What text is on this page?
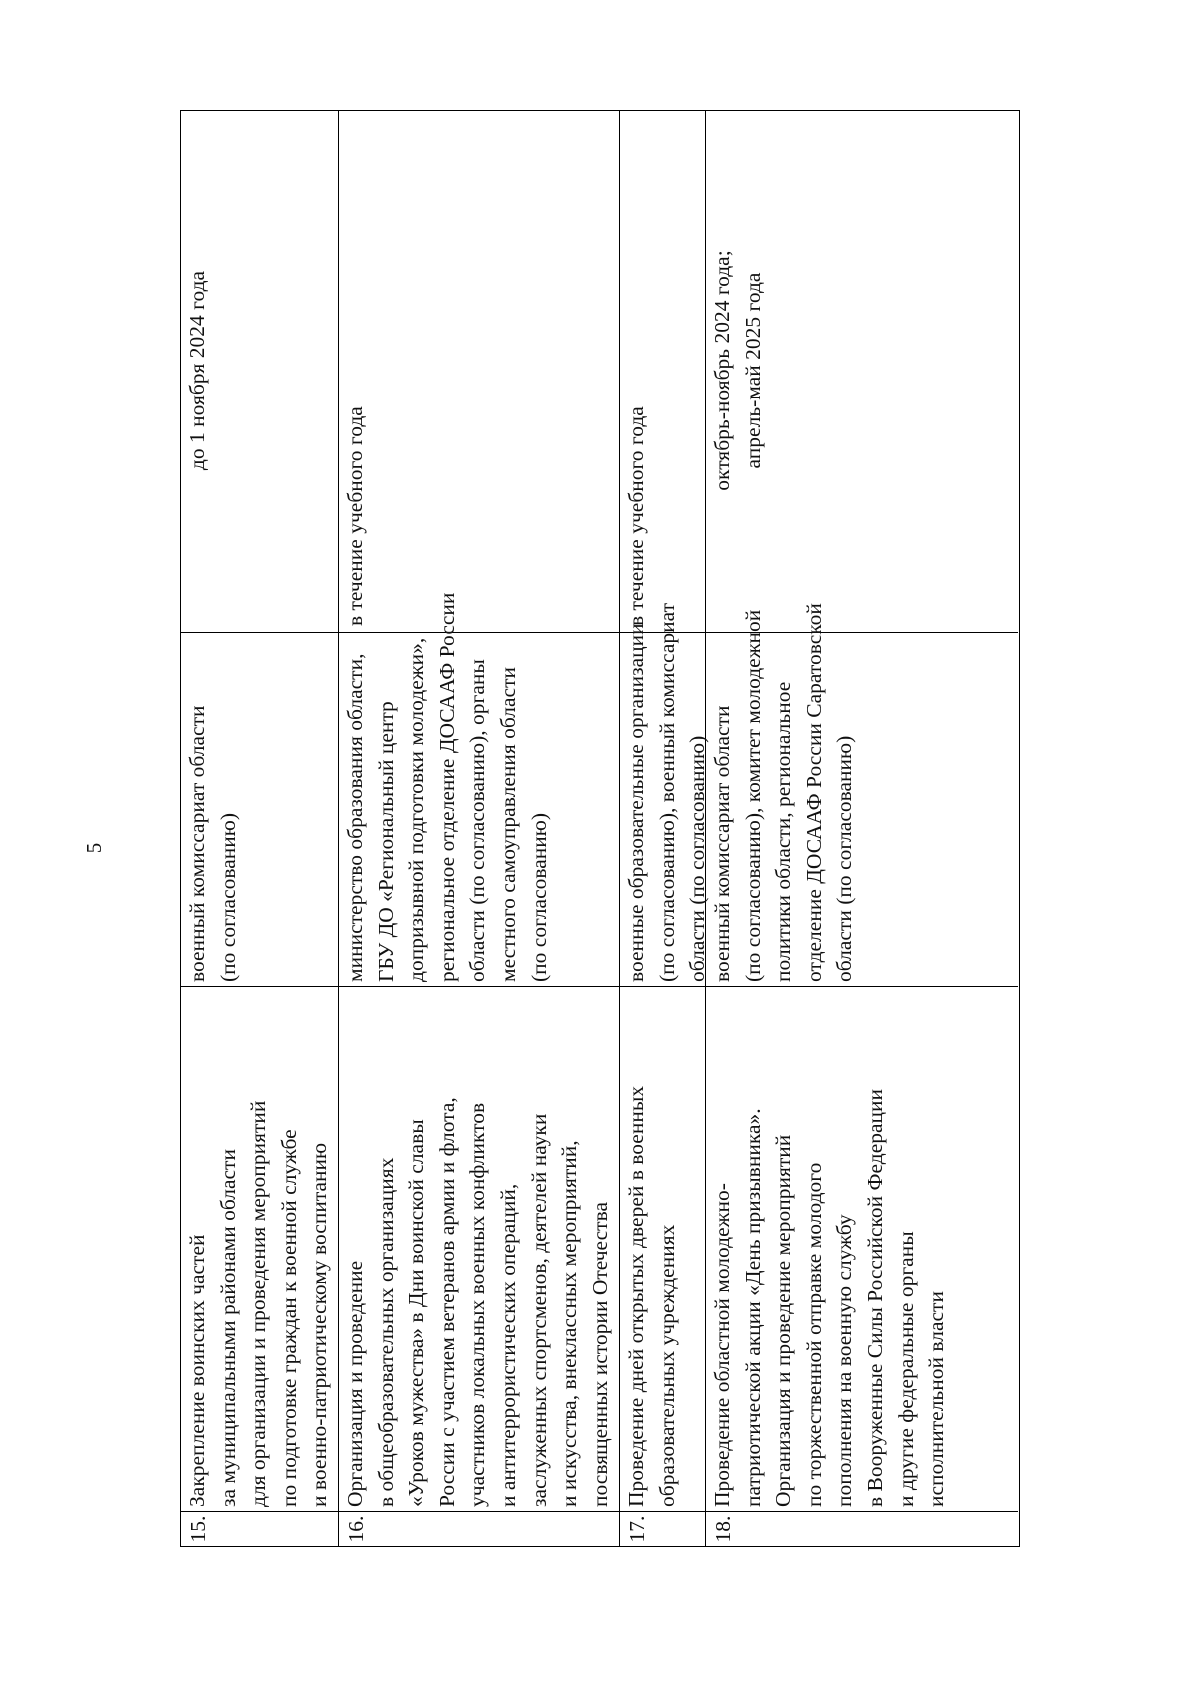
5
15.
Закрепление воинских частей за муниципальными районами области для организации и проведения мероприятий по подготовке граждан к военной службе и военно-патриотическому воспитанию
военный комиссариат области (по согласованию)
до 1 ноября 2024 года
16.
Организация и проведение в общеобразовательных организациях «Уроков мужества» в Дни воинской славы России с участием ветеранов армии и флота, участников локальных военных конфликтов и антитеррористических операций, заслуженных спортсменов, деятелей науки и искусства, внеклассных мероприятий, посвященных истории Отечества
министерство образования области, ГБУ ДО «Региональный центр допризывной подготовки молодежи», региональное отделение ДОСААФ России области (по согласованию), органы местного самоуправления области (по согласованию)
в течение учебного года
17.
Проведение дней открытых дверей в военных образовательных учреждениях
военные образовательные организации (по согласованию), военный комиссариат области (по согласованию)
в течение учебного года
18.
Проведение областной молодежно- патриотической акции «День призывника». Организация и проведение мероприятий по торжественной отправке молодого пополнения на военную службу в Вооруженные Силы Российской Федерации и другие федеральные органы исполнительной власти
военный комиссариат области (по согласованию), комитет молодежной политики области, региональное отделение ДОСААФ России Саратовской области (по согласованию)
октябрь-ноябрь 2024 года; апрель-май 2025 года
